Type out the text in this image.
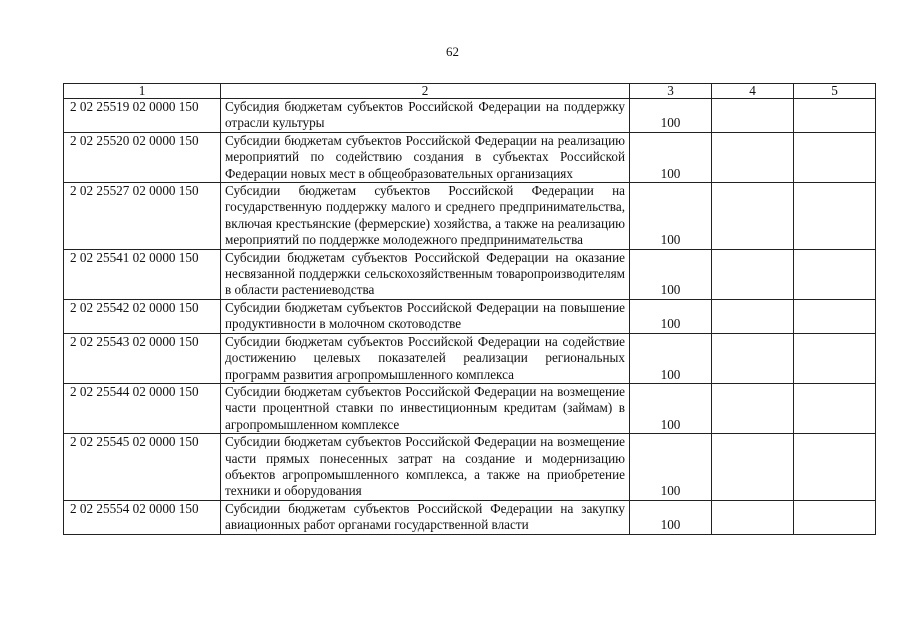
62
1	2	3	4	5
2 02 25519 02 0000 150	Субсидия бюджетам субъектов Российской Федерации на поддержку отрасли культуры	100		
2 02 25520 02 0000 150	Субсидии бюджетам субъектов Российской Федерации на реализацию мероприятий по содействию создания в субъектах Российской Федерации новых мест в общеобразовательных организациях	100		
2 02 25527 02 0000 150	Субсидии бюджетам субъектов Российской Федерации на государственную поддержку малого и среднего предпринимательства, включая крестьянские (фермерские) хозяйства, а также на реализацию мероприятий по поддержке молодежного предпринимательства	100		
2 02 25541 02 0000 150	Субсидии бюджетам субъектов Российской Федерации на оказание несвязанной поддержки сельскохозяйственным товаропроизводителям в области растениеводства	100		
2 02 25542 02 0000 150	Субсидии бюджетам субъектов Российской Федерации на повышение продуктивности в молочном скотоводстве	100		
2 02 25543 02 0000 150	Субсидии бюджетам субъектов Российской Федерации на содействие достижению целевых показателей реализации региональных программ развития агропромышленного комплекса	100		
2 02 25544 02 0000 150	Субсидии бюджетам субъектов Российской Федерации на возмещение части процентной ставки по инвестиционным кредитам (займам) в агропромышленном комплексе	100		
2 02 25545 02 0000 150	Субсидии бюджетам субъектов Российской Федерации на возмещение части прямых понесенных затрат на создание и модернизацию объектов агропромышленного комплекса, а также на приобретение техники и оборудования	100		
2 02 25554 02 0000 150	Субсидии бюджетам субъектов Российской Федерации на закупку авиационных работ органами государственной власти	100		
